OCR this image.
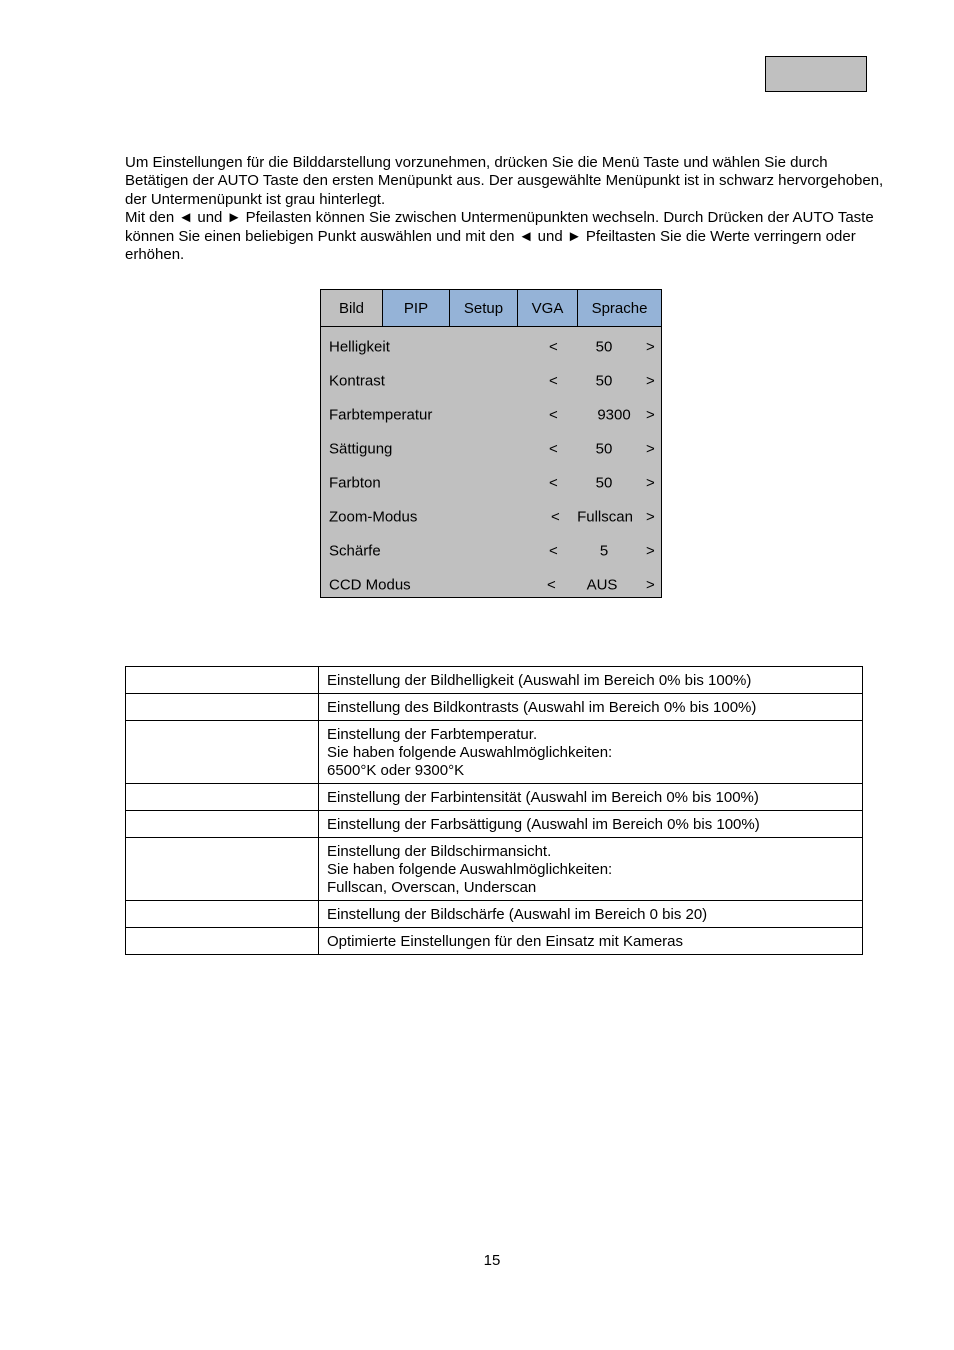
Um Einstellungen für die Bilddarstellung vorzunehmen, drücken Sie die Menü Taste und wählen Sie durch Betätigen der AUTO Taste den ersten Menüpunkt aus. Der ausgewählte Menüpunkt ist in schwarz hervorgehoben, der Untermenüpunkt ist grau hinterlegt.

Mit den ◄ und ► Pfeilasten können Sie zwischen Untermenüpunkten wechseln. Durch Drücken der AUTO Taste können Sie einen beliebigen Punkt auswählen und mit den ◄ und ► Pfeiltasten Sie die Werte verringern oder erhöhen.

Bild	PIP	Setup	VGA	Sprache
Helligkeit	<	50	>
Kontrast	<	50	>
Farbtemperatur	<	9300	>
Sättigung	<	50	>
Farbton	<	50	>
Zoom-Modus	<	Fullscan >
Schärfe	<	5	>
CCD Modus	<	AUS	>
	Einstellung der Bildhelligkeit (Auswahl im Bereich 0% bis 100%)
	Einstellung des Bildkontrasts (Auswahl im Bereich 0% bis 100%)
	Einstellung der Farbtemperatur.
Sie haben folgende Auswahlmöglichkeiten:
6500°K oder 9300°K
	Einstellung der Farbintensität (Auswahl im Bereich 0% bis 100%)
	Einstellung der Farbsättigung (Auswahl im Bereich 0% bis 100%)
	Einstellung der Bildschirmansicht.
Sie haben folgende Auswahlmöglichkeiten:
Fullscan, Overscan, Underscan
	Einstellung der Bildschärfe (Auswahl im Bereich 0 bis 20)
	Optimierte Einstellungen für den Einsatz mit Kameras
15
